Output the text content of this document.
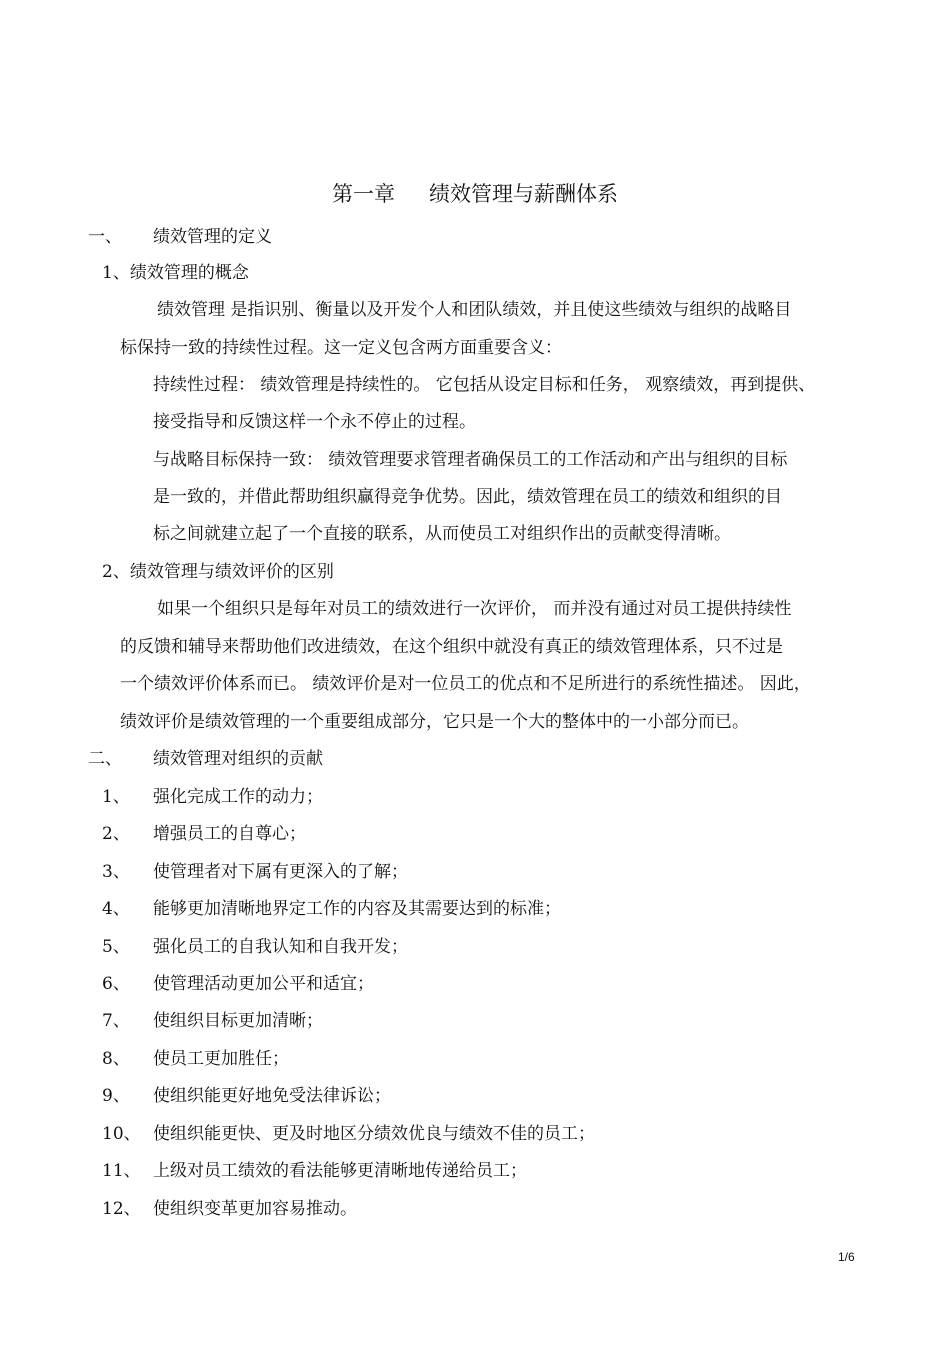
第一章 绩效管理与薪酬体系
一、 绩效管理的定义
1、绩效管理的概念
绩效管理 是指识别、衡量以及开发个人和团队绩效，并且使这些绩效与组织的战略目
标保持一致的持续性过程。这一定义包含两方面重要含义：
持续性过程： 绩效管理是持续性的。 它包括从设定目标和任务， 观察绩效，再到提供、
接受指导和反馈这样一个永不停止的过程。
与战略目标保持一致： 绩效管理要求管理者确保员工的工作活动和产出与组织的目标
是一致的，并借此帮助组织赢得竞争优势。因此，绩效管理在员工的绩效和组织的目
标之间就建立起了一个直接的联系，从而使员工对组织作出的贡献变得清晰。
2、绩效管理与绩效评价的区别
如果一个组织只是每年对员工的绩效进行一次评价， 而并没有通过对员工提供持续性
的反馈和辅导来帮助他们改进绩效，在这个组织中就没有真正的绩效管理体系，只不过是
一个绩效评价体系而已。 绩效评价是对一位员工的优点和不足所进行的系统性描述。 因此，
绩效评价是绩效管理的一个重要组成部分，它只是一个大的整体中的一小部分而已。
二、 绩效管理对组织的贡献
1、 强化完成工作的动力；
2、 增强员工的自尊心；
3、 使管理者对下属有更深入的了解；
4、 能够更加清晰地界定工作的内容及其需要达到的标准；
5、 强化员工的自我认知和自我开发；
6、 使管理活动更加公平和适宜；
7、 使组织目标更加清晰；
8、 使员工更加胜任；
9、 使组织能更好地免受法律诉讼；
10、 使组织能更快、更及时地区分绩效优良与绩效不佳的员工；
11、 上级对员工绩效的看法能够更清晰地传递给员工；
12、 使组织变革更加容易推动。
1/6
